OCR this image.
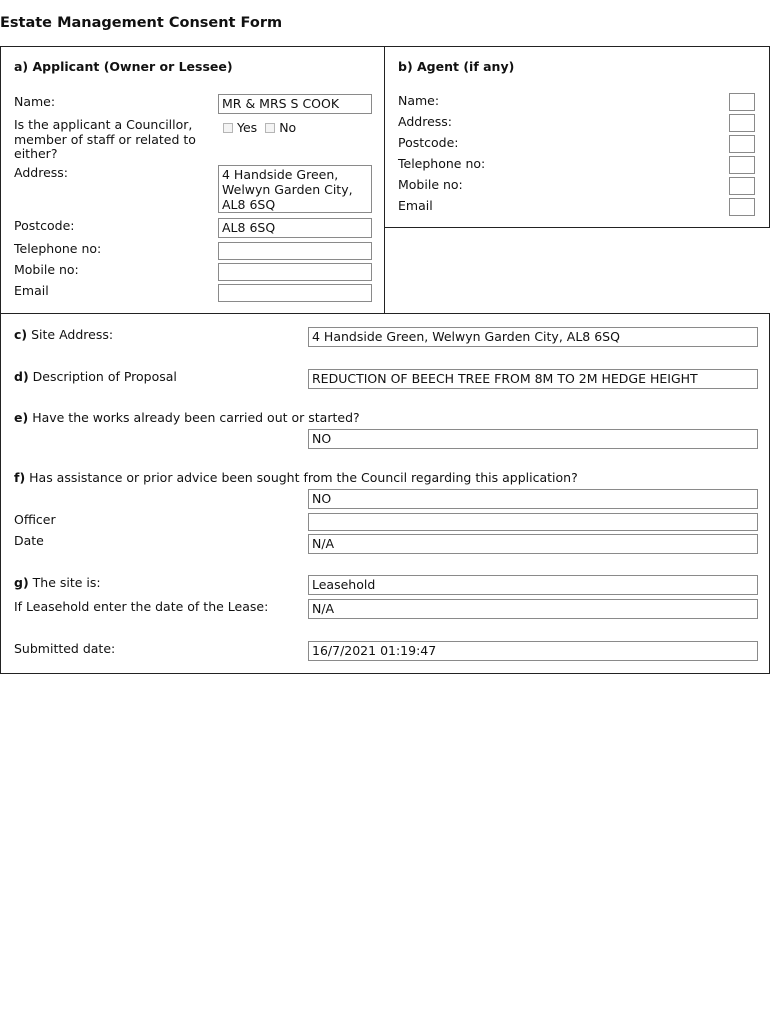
Estate Management Consent Form
a) Applicant (Owner or Lessee)
Name:	MR & MRS S COOK
Is the applicant a Councillor,
member of staff or related to
either?
Yes No
Address:	4 Handside Green,
Welwyn Garden City,
AL8 6SQ
Postcode:	AL8 6SQ
Telephone no:
Mobile no:
Email
b) Agent (if any)
Name:
Address:
Postcode:
Telephone no:
Mobile no:
Email
c) Site Address:	4 Handside Green, Welwyn Garden City, AL8 6SQ
d) Description of Proposal	REDUCTION OF BEECH TREE FROM 8M TO 2M HEDGE HEIGHT
e) Have the works already been carried out or started?
NO
f) Has assistance or prior advice been sought from the Council regarding this application?
NO
Officer
Date	N/A
g) The site is:	Leasehold
If Leasehold enter the date of the Lease:	N/A
Submitted date:	16/7/2021 01:19:47
